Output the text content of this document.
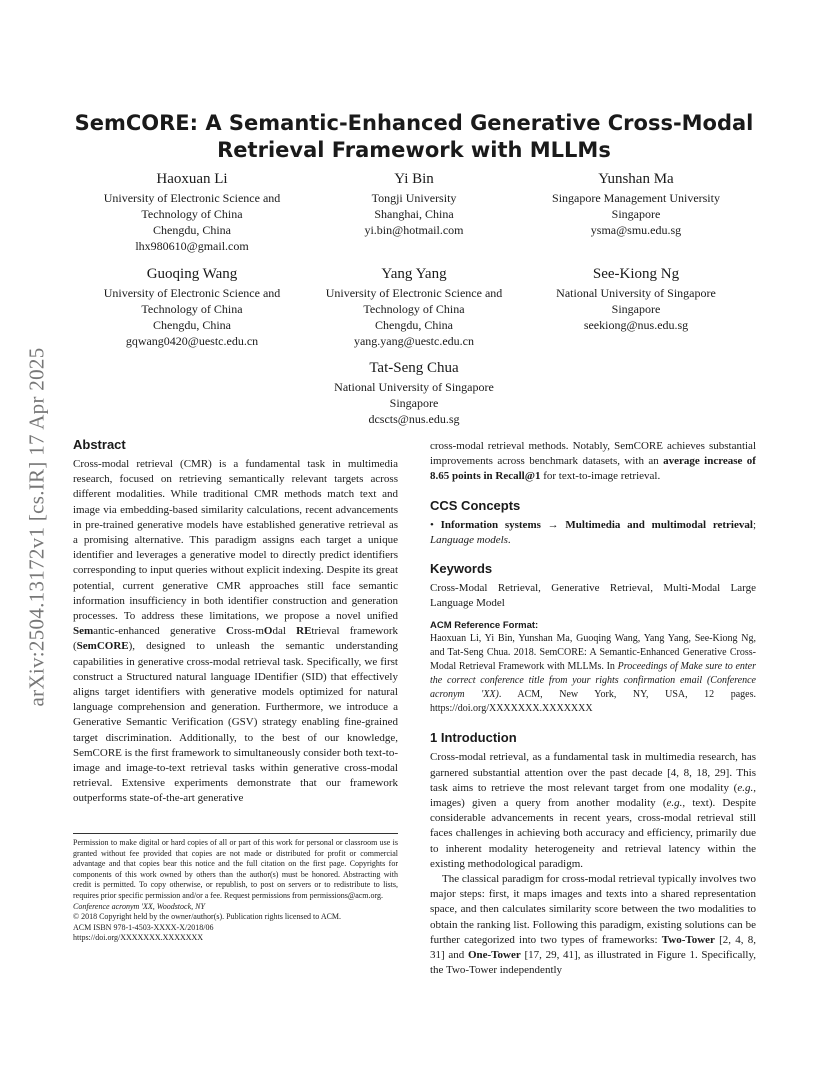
arXiv:2504.13172v1 [cs.IR] 17 Apr 2025
SemCORE: A Semantic-Enhanced Generative Cross-Modal Retrieval Framework with MLLMs
Haoxuan Li
University of Electronic Science and
Technology of China
Chengdu, China
lhx980610@gmail.com
Yi Bin
Tongji University
Shanghai, China
yi.bin@hotmail.com
Yunshan Ma
Singapore Management University
Singapore
ysma@smu.edu.sg
Guoqing Wang
University of Electronic Science and
Technology of China
Chengdu, China
gqwang0420@uestc.edu.cn
Yang Yang
University of Electronic Science and
Technology of China
Chengdu, China
yang.yang@uestc.edu.cn
See-Kiong Ng
National University of Singapore
Singapore
seekiong@nus.edu.sg
Tat-Seng Chua
National University of Singapore
Singapore
dcscts@nus.edu.sg
Abstract

Cross-modal retrieval (CMR) is a fundamental task in multimedia research, focused on retrieving semantically relevant targets across different modalities. While traditional CMR methods match text and image via embedding-based similarity calculations, recent advancements in pre-trained generative models have established generative retrieval as a promising alternative. This paradigm assigns each target a unique identifier and leverages a generative model to directly predict identifiers corresponding to input queries without explicit indexing. Despite its great potential, current generative CMR approaches still face semantic information insufficiency in both identifier construction and generation processes. To address these limitations, we propose a novel unified Semantic-enhanced generative Cross-mOdal REtrieval framework (SemCORE), designed to unleash the semantic understanding capabilities in generative cross-modal retrieval task. Specifically, we first construct a Structured natural language IDentifier (SID) that effectively aligns target identifiers with generative models optimized for natural language comprehension and generation. Furthermore, we introduce a Generative Semantic Verification (GSV) strategy enabling fine-grained target discrimination. Additionally, to the best of our knowledge, SemCORE is the first framework to simultaneously consider both text-to-image and image-to-text retrieval tasks within generative cross-modal retrieval. Extensive experiments demonstrate that our framework outperforms state-of-the-art generative

Permission to make digital or hard copies of all or part of this work for personal or classroom use is granted without fee provided that copies are not made or distributed for profit or commercial advantage and that copies bear this notice and the full citation on the first page. Copyrights for components of this work owned by others than the author(s) must be honored. Abstracting with credit is permitted. To copy otherwise, or republish, to post on servers or to redistribute to lists, requires prior specific permission and/or a fee. Request permissions from permissions@acm.org.
Conference acronym 'XX, Woodstock, NY
© 2018 Copyright held by the owner/author(s). Publication rights licensed to ACM.
ACM ISBN 978-1-4503-XXXX-X/2018/06
https://doi.org/XXXXXXX.XXXXXXX

cross-modal retrieval methods. Notably, SemCORE achieves substantial improvements across benchmark datasets, with an average increase of 8.65 points in Recall@1 for text-to-image retrieval.

CCS Concepts

• Information systems → Multimedia and multimodal retrieval; Language models.

Keywords

Cross-Modal Retrieval, Generative Retrieval, Multi-Modal Large Language Model

ACM Reference Format:

Haoxuan Li, Yi Bin, Yunshan Ma, Guoqing Wang, Yang Yang, See-Kiong Ng, and Tat-Seng Chua. 2018. SemCORE: A Semantic-Enhanced Generative Cross-Modal Retrieval Framework with MLLMs. In Proceedings of Make sure to enter the correct conference title from your rights confirmation email (Conference acronym 'XX). ACM, New York, NY, USA, 12 pages. https://doi.org/XXXXXXX.XXXXXXX

1 Introduction

Cross-modal retrieval, as a fundamental task in multimedia research, has garnered substantial attention over the past decade [4, 8, 18, 29]. This task aims to retrieve the most relevant target from one modality (e.g., images) given a query from another modality (e.g., text). Despite considerable advancements in recent years, cross-modal retrieval still faces challenges in achieving both accuracy and efficiency, primarily due to inherent modality heterogeneity and retrieval latency within the existing methodological paradigm.

The classical paradigm for cross-modal retrieval typically involves two major steps: first, it maps images and texts into a shared representation space, and then calculates similarity score between the two modalities to obtain the ranking list. Following this paradigm, existing solutions can be further categorized into two types of frameworks: Two-Tower [2, 4, 8, 31] and One-Tower [17, 29, 41], as illustrated in Figure 1. Specifically, the Two-Tower independently
